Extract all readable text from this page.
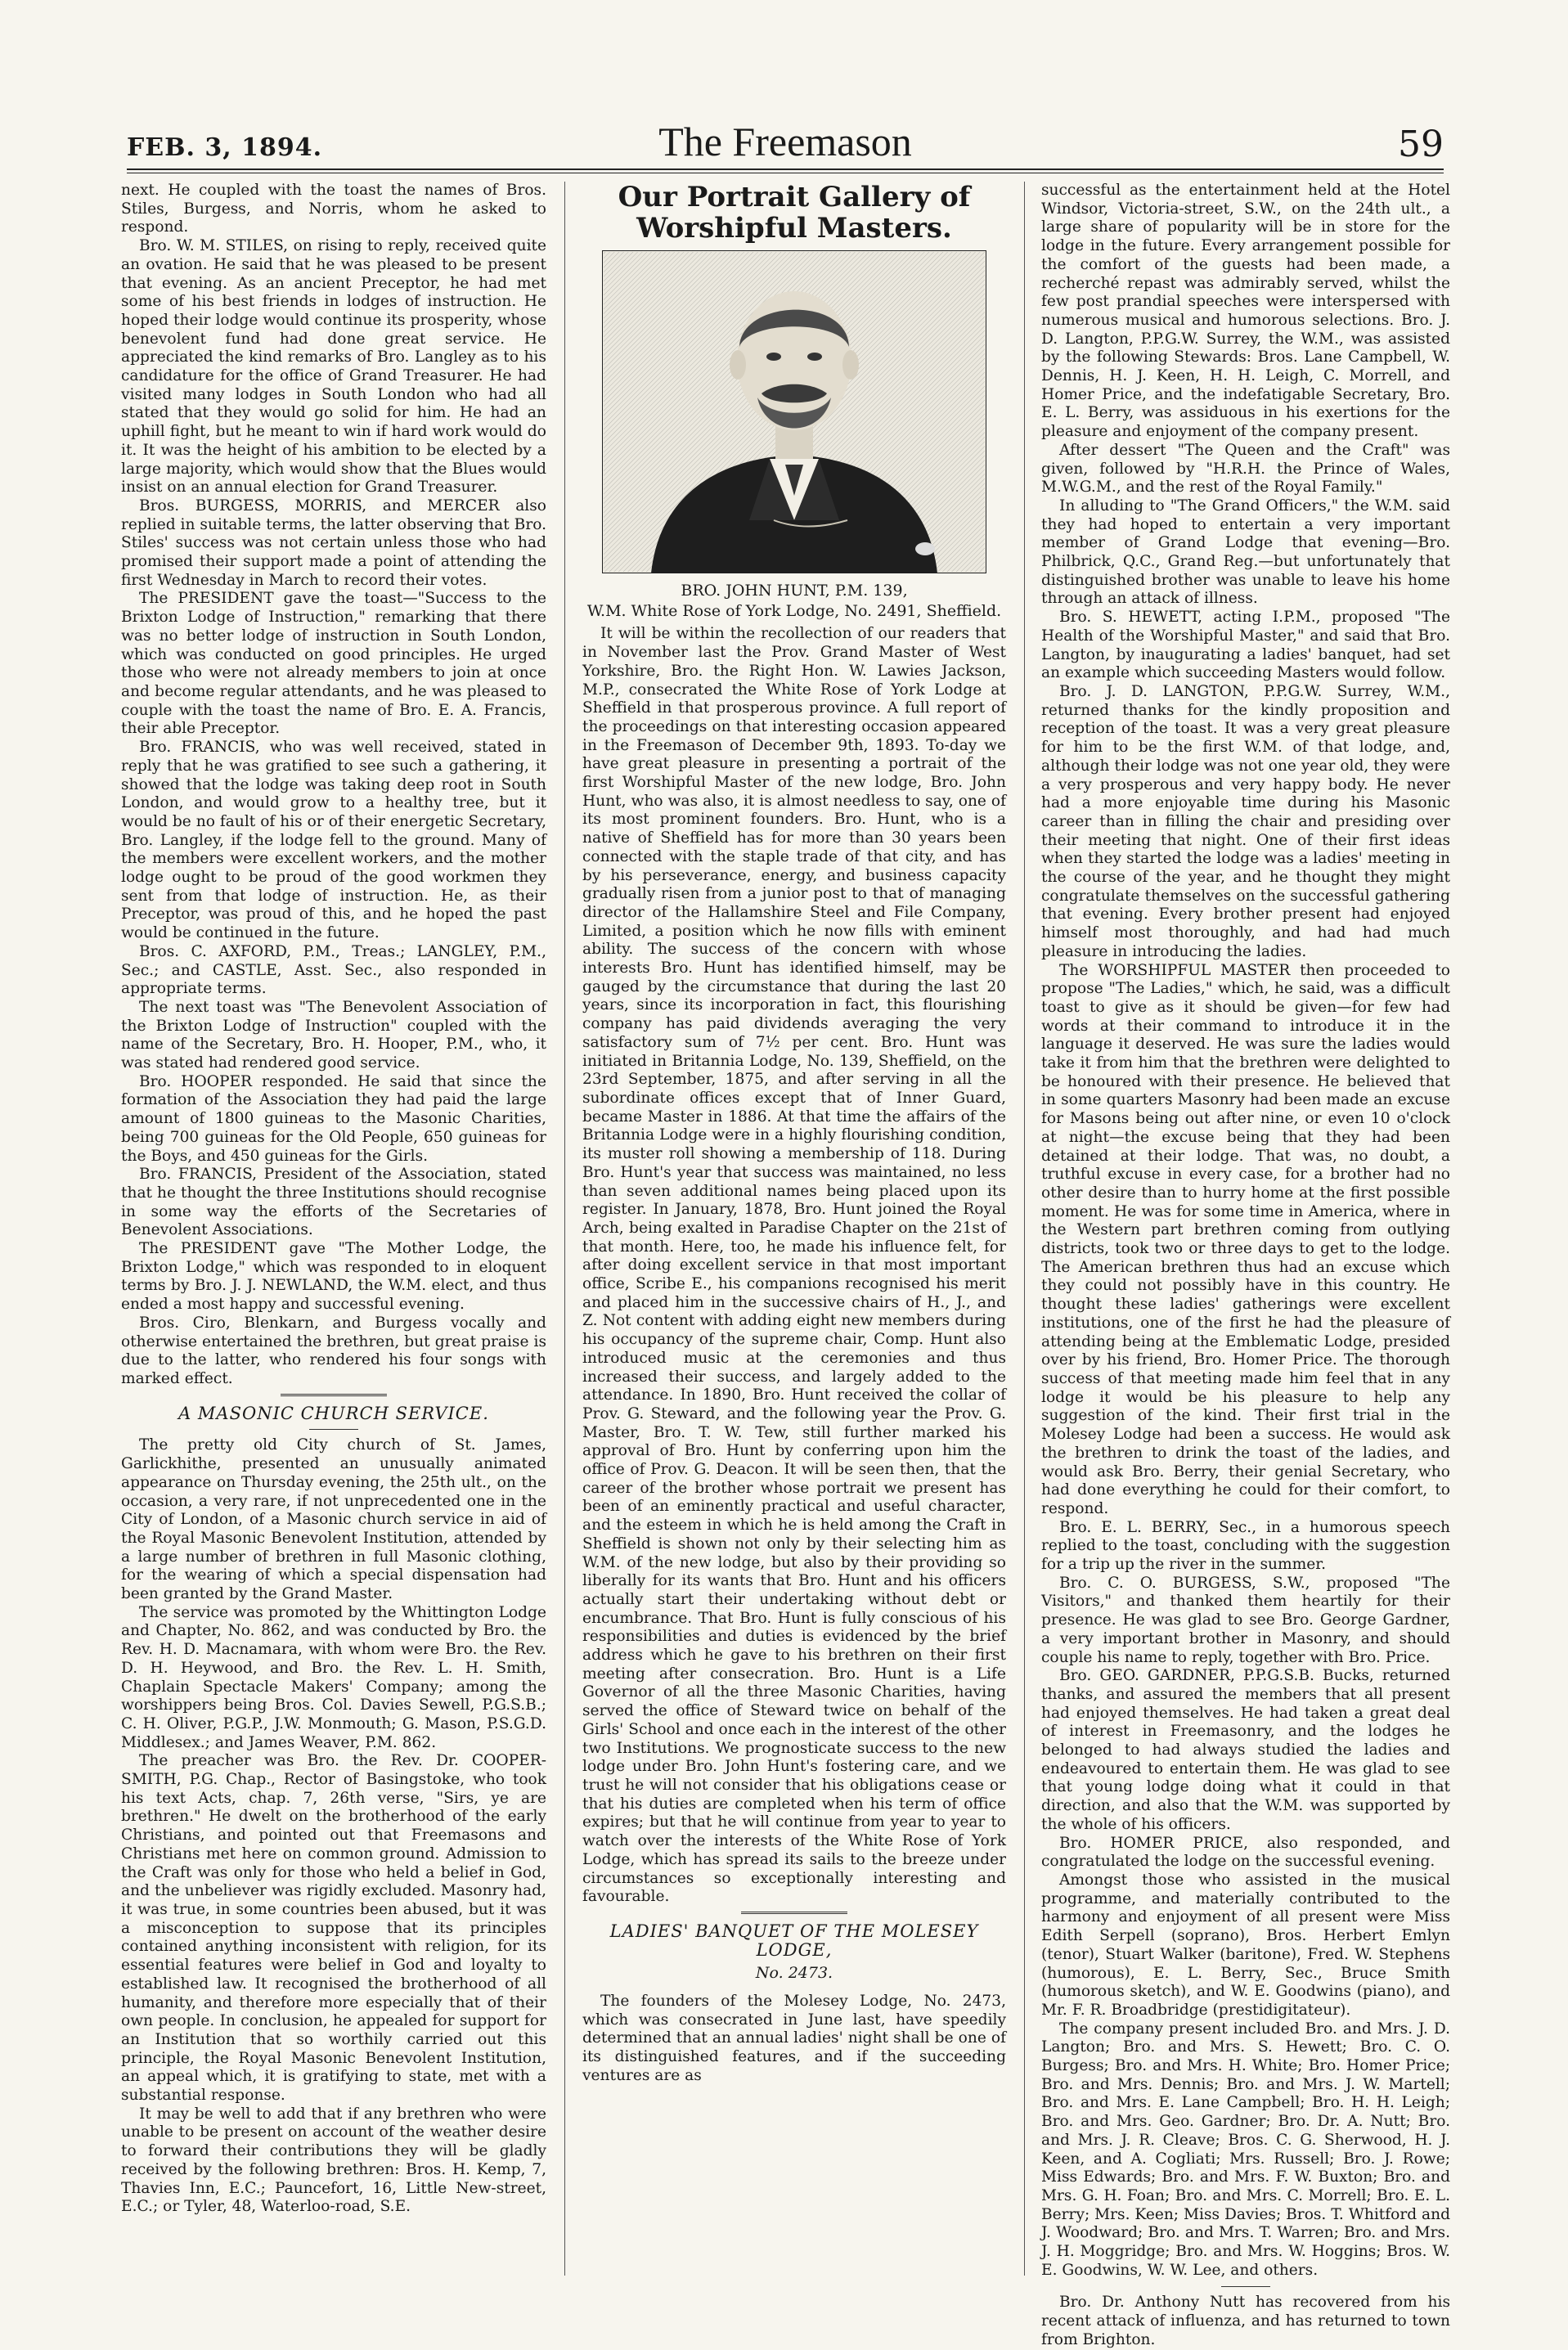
FEB. 3, 1894.	The Freemason	59

next. He coupled with the toast the names of Bros. Stiles, Burgess, and Norris, whom he asked to respond.

Bro. W. M. STILES, on rising to reply, received quite an ovation. He said that he was pleased to be present that evening. As an ancient Preceptor, he had met some of his best friends in lodges of instruction. He hoped their lodge would continue its prosperity, whose benevolent fund had done great service. He appreciated the kind remarks of Bro. Langley as to his candidature for the office of Grand Treasurer. He had visited many lodges in South London who had all stated that they would go solid for him. He had an uphill fight, but he meant to win if hard work would do it. It was the height of his ambition to be elected by a large majority, which would show that the Blues would insist on an annual election for Grand Treasurer.

Bros. BURGESS, MORRIS, and MERCER also replied in suitable terms, the latter observing that Bro. Stiles' success was not certain unless those who had promised their support made a point of attending the first Wednesday in March to record their votes.

The PRESIDENT gave the toast—"Success to the Brixton Lodge of Instruction," remarking that there was no better lodge of instruction in South London, which was conducted on good principles. He urged those who were not already members to join at once and become regular attendants, and he was pleased to couple with the toast the name of Bro. E. A. Francis, their able Preceptor.

Bro. FRANCIS, who was well received, stated in reply that he was gratified to see such a gathering, it showed that the lodge was taking deep root in South London, and would grow to a healthy tree, but it would be no fault of his or of their energetic Secretary, Bro. Langley, if the lodge fell to the ground. Many of the members were excellent workers, and the mother lodge ought to be proud of the good workmen they sent from that lodge of instruction. He, as their Preceptor, was proud of this, and he hoped the past would be continued in the future.

Bros. C. AXFORD, P.M., Treas.; LANGLEY, P.M., Sec.; and CASTLE, Asst. Sec., also responded in appropriate terms.

The next toast was "The Benevolent Association of the Brixton Lodge of Instruction" coupled with the name of the Secretary, Bro. H. Hooper, P.M., who, it was stated had rendered good service.

Bro. HOOPER responded. He said that since the formation of the Association they had paid the large amount of 1800 guineas to the Masonic Charities, being 700 guineas for the Old People, 650 guineas for the Boys, and 450 guineas for the Girls.

Bro. FRANCIS, President of the Association, stated that he thought the three Institutions should recognise in some way the efforts of the Secretaries of Benevolent Associations.

The PRESIDENT gave "The Mother Lodge, the Brixton Lodge," which was responded to in eloquent terms by Bro. J. J. NEWLAND, the W.M. elect, and thus ended a most happy and successful evening.

Bros. Ciro, Blenkarn, and Burgess vocally and otherwise entertained the brethren, but great praise is due to the latter, who rendered his four songs with marked effect.

A MASONIC CHURCH SERVICE.

The pretty old City church of St. James, Garlickhithe, presented an unusually animated appearance on Thursday evening, the 25th ult., on the occasion, a very rare, if not unprecedented one in the City of London, of a Masonic church service in aid of the Royal Masonic Benevolent Institution, attended by a large number of brethren in full Masonic clothing, for the wearing of which a special dispensation had been granted by the Grand Master.

The service was promoted by the Whittington Lodge and Chapter, No. 862, and was conducted by Bro. the Rev. H. D. Macnamara, with whom were Bro. the Rev. D. H. Heywood, and Bro. the Rev. L. H. Smith, Chaplain Spectacle Makers' Company; among the worshippers being Bros. Col. Davies Sewell, P.G.S.B.; C. H. Oliver, P.G.P., J.W. Monmouth; G. Mason, P.S.G.D. Middlesex.; and James Weaver, P.M. 862.

The preacher was Bro. the Rev. Dr. COOPER-SMITH, P.G. Chap., Rector of Basingstoke, who took his text Acts, chap. 7, 26th verse, "Sirs, ye are brethren." He dwelt on the brotherhood of the early Christians, and pointed out that Freemasons and Christians met here on common ground. Admission to the Craft was only for those who held a belief in God, and the unbeliever was rigidly excluded. Masonry had, it was true, in some countries been abused, but it was a misconception to suppose that its principles contained anything inconsistent with religion, for its essential features were belief in God and loyalty to established law. It recognised the brotherhood of all humanity, and therefore more especially that of their own people. In conclusion, he appealed for support for an Institution that so worthily carried out this principle, the Royal Masonic Benevolent Institution, an appeal which, it is gratifying to state, met with a substantial response.

It may be well to add that if any brethren who were unable to be present on account of the weather desire to forward their contributions they will be gladly received by the following brethren: Bros. H. Kemp, 7, Thavies Inn, E.C.; Pauncefort, 16, Little New-street, E.C.; or Tyler, 48, Waterloo-road, S.E.

Our Portrait Gallery of Worshipful Masters.
BRO. JOHN HUNT, P.M. 139,
W.M. White Rose of York Lodge, No. 2491, Sheffield.

It will be within the recollection of our readers that in November last the Prov. Grand Master of West Yorkshire, Bro. the Right Hon. W. Lawies Jackson, M.P., consecrated the White Rose of York Lodge at Sheffield in that prosperous province. A full report of the proceedings on that interesting occasion appeared in the Freemason of December 9th, 1893. To-day we have great pleasure in presenting a portrait of the first Worshipful Master of the new lodge, Bro. John Hunt, who was also, it is almost needless to say, one of its most prominent founders. Bro. Hunt, who is a native of Sheffield has for more than 30 years been connected with the staple trade of that city, and has by his perseverance, energy, and business capacity gradually risen from a junior post to that of managing director of the Hallamshire Steel and File Company, Limited, a position which he now fills with eminent ability. The success of the concern with whose interests Bro. Hunt has identified himself, may be gauged by the circumstance that during the last 20 years, since its incorporation in fact, this flourishing company has paid dividends averaging the very satisfactory sum of 7½ per cent. Bro. Hunt was initiated in Britannia Lodge, No. 139, Sheffield, on the 23rd September, 1875, and after serving in all the subordinate offices except that of Inner Guard, became Master in 1886. At that time the affairs of the Britannia Lodge were in a highly flourishing condition, its muster roll showing a membership of 118. During Bro. Hunt's year that success was maintained, no less than seven additional names being placed upon its register. In January, 1878, Bro. Hunt joined the Royal Arch, being exalted in Paradise Chapter on the 21st of that month. Here, too, he made his influence felt, for after doing excellent service in that most important office, Scribe E., his companions recognised his merit and placed him in the successive chairs of H., J., and Z. Not content with adding eight new members during his occupancy of the supreme chair, Comp. Hunt also introduced music at the ceremonies and thus increased their success, and largely added to the attendance. In 1890, Bro. Hunt received the collar of Prov. G. Steward, and the following year the Prov. G. Master, Bro. T. W. Tew, still further marked his approval of Bro. Hunt by conferring upon him the office of Prov. G. Deacon. It will be seen then, that the career of the brother whose portrait we present has been of an eminently practical and useful character, and the esteem in which he is held among the Craft in Sheffield is shown not only by their selecting him as W.M. of the new lodge, but also by their providing so liberally for its wants that Bro. Hunt and his officers actually start their undertaking without debt or encumbrance. That Bro. Hunt is fully conscious of his responsibilities and duties is evidenced by the brief address which he gave to his brethren on their first meeting after consecration. Bro. Hunt is a Life Governor of all the three Masonic Charities, having served the office of Steward twice on behalf of the Girls' School and once each in the interest of the other two Institutions. We prognosticate success to the new lodge under Bro. John Hunt's fostering care, and we trust he will not consider that his obligations cease or that his duties are completed when his term of office expires; but that he will continue from year to year to watch over the interests of the White Rose of York Lodge, which has spread its sails to the breeze under circumstances so exceptionally interesting and favourable.

LADIES' BANQUET OF THE MOLESEY LODGE,
No. 2473.

The founders of the Molesey Lodge, No. 2473, which was consecrated in June last, have speedily determined that an annual ladies' night shall be one of its distinguished features, and if the succeeding ventures are as

successful as the entertainment held at the Hotel Windsor, Victoria-street, S.W., on the 24th ult., a large share of popularity will be in store for the lodge in the future. Every arrangement possible for the comfort of the guests had been made, a recherché repast was admirably served, whilst the few post prandial speeches were interspersed with numerous musical and humorous selections. Bro. J. D. Langton, P.P.G.W. Surrey, the W.M., was assisted by the following Stewards: Bros. Lane Campbell, W. Dennis, H. J. Keen, H. H. Leigh, C. Morrell, and Homer Price, and the indefatigable Secretary, Bro. E. L. Berry, was assiduous in his exertions for the pleasure and enjoyment of the company present.

After dessert "The Queen and the Craft" was given, followed by "H.R.H. the Prince of Wales, M.W.G.M., and the rest of the Royal Family."

In alluding to "The Grand Officers," the W.M. said they had hoped to entertain a very important member of Grand Lodge that evening—Bro. Philbrick, Q.C., Grand Reg.—but unfortunately that distinguished brother was unable to leave his home through an attack of illness.

Bro. S. HEWETT, acting I.P.M., proposed "The Health of the Worshipful Master," and said that Bro. Langton, by inaugurating a ladies' banquet, had set an example which succeeding Masters would follow.

Bro. J. D. LANGTON, P.P.G.W. Surrey, W.M., returned thanks for the kindly proposition and reception of the toast. It was a very great pleasure for him to be the first W.M. of that lodge, and, although their lodge was not one year old, they were a very prosperous and very happy body. He never had a more enjoyable time during his Masonic career than in filling the chair and presiding over their meeting that night. One of their first ideas when they started the lodge was a ladies' meeting in the course of the year, and he thought they might congratulate themselves on the successful gathering that evening. Every brother present had enjoyed himself most thoroughly, and had had much pleasure in introducing the ladies.

The WORSHIPFUL MASTER then proceeded to propose "The Ladies," which, he said, was a difficult toast to give as it should be given—for few had words at their command to introduce it in the language it deserved. He was sure the ladies would take it from him that the brethren were delighted to be honoured with their presence. He believed that in some quarters Masonry had been made an excuse for Masons being out after nine, or even 10 o'clock at night—the excuse being that they had been detained at their lodge. That was, no doubt, a truthful excuse in every case, for a brother had no other desire than to hurry home at the first possible moment. He was for some time in America, where in the Western part brethren coming from outlying districts, took two or three days to get to the lodge. The American brethren thus had an excuse which they could not possibly have in this country. He thought these ladies' gatherings were excellent institutions, one of the first he had the pleasure of attending being at the Emblematic Lodge, presided over by his friend, Bro. Homer Price. The thorough success of that meeting made him feel that in any lodge it would be his pleasure to help any suggestion of the kind. Their first trial in the Molesey Lodge had been a success. He would ask the brethren to drink the toast of the ladies, and would ask Bro. Berry, their genial Secretary, who had done everything he could for their comfort, to respond.

Bro. E. L. BERRY, Sec., in a humorous speech replied to the toast, concluding with the suggestion for a trip up the river in the summer.

Bro. C. O. BURGESS, S.W., proposed "The Visitors," and thanked them heartily for their presence. He was glad to see Bro. George Gardner, a very important brother in Masonry, and should couple his name to reply, together with Bro. Price.

Bro. GEO. GARDNER, P.P.G.S.B. Bucks, returned thanks, and assured the members that all present had enjoyed themselves. He had taken a great deal of interest in Freemasonry, and the lodges he belonged to had always studied the ladies and endeavoured to entertain them. He was glad to see that young lodge doing what it could in that direction, and also that the W.M. was supported by the whole of his officers.

Bro. HOMER PRICE, also responded, and congratulated the lodge on the successful evening.

Amongst those who assisted in the musical programme, and materially contributed to the harmony and enjoyment of all present were Miss Edith Serpell (soprano), Bros. Herbert Emlyn (tenor), Stuart Walker (baritone), Fred. W. Stephens (humorous), E. L. Berry, Sec., Bruce Smith (humorous sketch), and W. E. Goodwins (piano), and Mr. F. R. Broadbridge (prestidigitateur).

The company present included Bro. and Mrs. J. D. Langton; Bro. and Mrs. S. Hewett; Bro. C. O. Burgess; Bro. and Mrs. H. White; Bro. Homer Price; Bro. and Mrs. Dennis; Bro. and Mrs. J. W. Martell; Bro. and Mrs. E. Lane Campbell; Bro. H. H. Leigh; Bro. and Mrs. Geo. Gardner; Bro. Dr. A. Nutt; Bro. and Mrs. J. R. Cleave; Bros. C. G. Sherwood, H. J. Keen, and A. Cogliati; Mrs. Russell; Bro. J. Rowe; Miss Edwards; Bro. and Mrs. F. W. Buxton; Bro. and Mrs. G. H. Foan; Bro. and Mrs. C. Morrell; Bro. E. L. Berry; Mrs. Keen; Miss Davies; Bros. T. Whitford and J. Woodward; Bro. and Mrs. T. Warren; Bro. and Mrs. J. H. Moggridge; Bro. and Mrs. W. Hoggins; Bros. W. E. Goodwins, W. W. Lee, and others.

Bro. Dr. Anthony Nutt has recovered from his recent attack of influenza, and has returned to town from Brighton.
